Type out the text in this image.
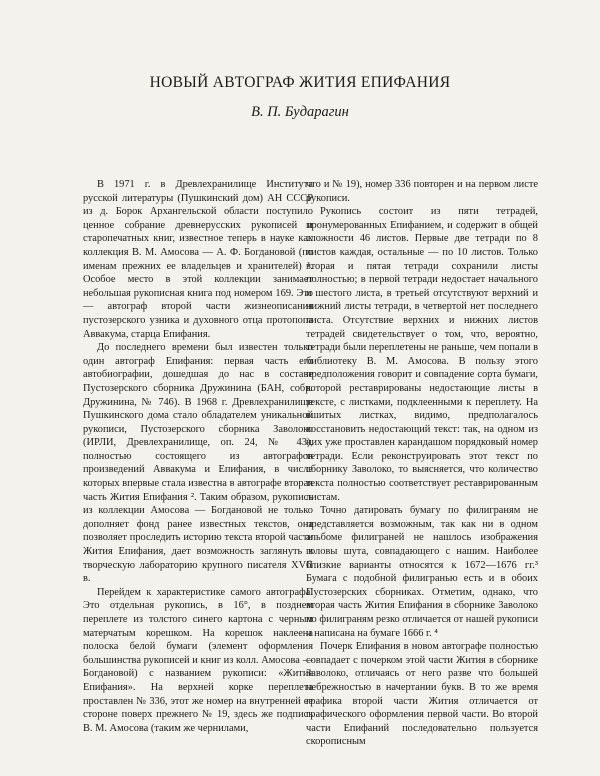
НОВЫЙ АВТОГРАФ ЖИТИЯ ЕПИФАНИЯ
В. П. Бударагин

В 1971 г. в Древлехранилище Института русской литературы (Пушкинский дом) АН СССР из д. Борок Архангельской области поступило ценное собрание древнерусских рукописей и старопечатных книг, известное теперь в науке как коллекция В. М. Амосова — А. Ф. Богдановой (по именам прежних ее владельцев и хранителей) ¹. Особое место в этой коллекции занимает небольшая рукописная книга под номером 169. Это — автограф второй части жизнеописания пустозерского узника и духовного отца протопопа Аввакума, старца Епифания.

До последнего времени был известен только один автограф Епифания: первая часть его автобиографии, дошедшая до нас в составе Пустозерского сборника Дружинина (БАН, собр. Дружинина, № 746). В 1968 г. Древлехранилище Пушкинского дома стало обладателем уникальной рукописи, Пустозерского сборника Заволоко (ИРЛИ, Древлехранилище, оп. 24, № 43), полностью состоящего из автографов произведений Аввакума и Епифания, в числе которых впервые стала известна в автографе вторая часть Жития Епифания ². Таким образом, рукопись из коллекции Амосова — Богдановой не только дополняет фонд ранее известных текстов, она позволяет проследить историю текста второй части Жития Епифания, дает возможность заглянуть в творческую лабораторию крупного писателя XVII в.

Перейдем к характеристике самого автографа. Это отдельная рукопись, в 16°, в позднем переплете из толстого синего картона с черным матерчатым корешком. На корешок наклеена полоска белой бумаги (элемент оформления большинства рукописей и книг из колл. Амосова — Богдановой) с названием рукописи: «Житие Епифания». На верхней корке переплета проставлен № 336, этот же номер на внутренней ее стороне поверх прежнего № 19, здесь же подпись В. М. Амосова (таким же чернилами,

что и № 19), номер 336 повторен и на первом листе рукописи.

Рукопись состоит из пяти тетрадей, пронумерованных Епифанием, и содержит в общей сложности 46 листов. Первые две тетради по 8 листов каждая, остальные — по 10 листов. Только вторая и пятая тетради сохранили листы полностью; в первой тетради недостает начального и шестого листа, в третьей отсутствуют верхний и нижний листы тетради, в четвертой нет последнего листа. Отсутствие верхних и нижних листов тетрадей свидетельствует о том, что, вероятно, тетради были переплетены не раньше, чем попали в библиотеку В. М. Амосова. В пользу этого предположения говорит и совпадение сорта бумаги, которой реставрированы недостающие листы в тексте, с листками, подклеенными к переплету. На вшитых листках, видимо, предполагалось восстановить недостающий текст: так, на одном из них уже проставлен карандашом порядковый номер тетради. Если реконструировать этот текст по сборнику Заволоко, то выясняется, что количество текста полностью соответствует реставрированным листам.

Точно датировать бумагу по филиграням не представляется возможным, так как ни в одном альбоме филиграней не нашлось изображения головы шута, совпадающего с нашим. Наиболее близкие варианты относятся к 1672—1676 гг.³ Бумага с подобной филигранью есть и в обоих Пустозерских сборниках. Отметим, однако, что вторая часть Жития Епифания в сборнике Заволоко по филиграням резко отличается от нашей рукописи и написана на бумаге 1666 г. ⁴

Почерк Епифания в новом автографе полностью совпадает с почерком этой части Жития в сборнике Заволоко, отличаясь от него разве что большей небрежностью в начертании букв. В то же время графика второй части Жития отличается от графического оформления первой части. Во второй части Епифаний последовательно пользуется скорописным
